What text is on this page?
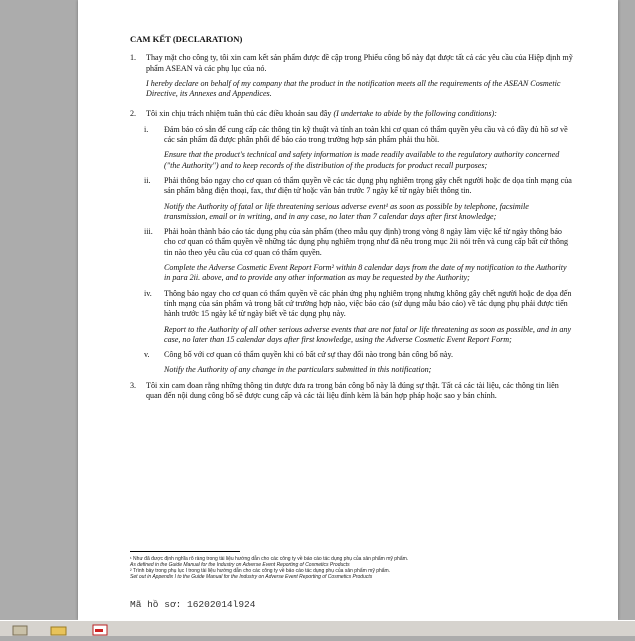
CAM KẾT (DECLARATION)
1.	Thay mặt cho công ty, tôi xin cam kết sản phẩm được đề cập trong Phiếu công bố này đạt được tất cả các yêu cầu của Hiệp định mỹ phẩm ASEAN và các phụ lục của nó.
I hereby declare on behalf of my company that the product in the notification meets all the requirements of the ASEAN Cosmetic Directive, its Annexes and Appendices.
2.	Tôi xin chịu trách nhiệm tuân thủ các điều khoản sau đây (I undertake to abide by the following conditions):
i.	Đảm bảo có sẵn để cung cấp các thông tin kỹ thuật và tính an toàn khi cơ quan có thẩm quyền yêu cầu và có đầy đủ hồ sơ về các sản phẩm đã được phân phối để báo cáo trong trường hợp sản phẩm phải thu hồi.
Ensure that the product's technical and safety information is made readily available to the regulatory authority concerned ("the Authority") and to keep records of the distribution of the products for product recall purposes;
ii.	Phải thông báo ngay cho cơ quan có thẩm quyền về các tác dụng phụ nghiêm trọng gây chết người hoặc đe dọa tính mạng của sản phẩm bằng điện thoại, fax, thư điện tử hoặc văn bản trước 7 ngày kể từ ngày biết thông tin.
Notify the Authority of fatal or life threatening serious adverse event¹ as soon as possible by telephone, facsimile transmission, email or in writing, and in any case, no later than 7 calendar days after first knowledge;
iii.	Phải hoàn thành báo cáo tác dụng phụ của sản phẩm (theo mẫu quy định) trong vòng 8 ngày làm việc kể từ ngày thông báo cho cơ quan có thẩm quyền về những tác dụng phụ nghiêm trọng như đã nêu trong mục 2ii nói trên và cung cấp bất cứ thông tin nào theo yêu cầu của cơ quan có thẩm quyền.
Complete the Adverse Cosmetic Event Report Form² within 8 calendar days from the date of my notification to the Authority in para 2ii. above, and to provide any other information as may be requested by the Authority;
iv.	Thông báo ngay cho cơ quan có thẩm quyền về các phản ứng phụ nghiêm trọng nhưng không gây chết người hoặc đe dọa đến tính mạng của sản phẩm và trong bất cứ trường hợp nào, việc báo cáo (sử dụng mẫu báo cáo) về tác dụng phụ phải được tiến hành trước 15 ngày kể từ ngày biết về tác dụng phụ này.
Report to the Authority of all other serious adverse events that are not fatal or life threatening as soon as possible, and in any case, no later than 15 calendar days after first knowledge, using the Adverse Cosmetic Event Report Form;
v.	Công bố với cơ quan có thẩm quyền khi có bất cứ sự thay đổi nào trong bản công bố này.
Notify the Authority of any change in the particulars submitted in this notification;
3.	Tôi xin cam đoan rằng những thông tin được đưa ra trong bản công bố này là đúng sự thật. Tất cả các tài liệu, các thông tin liên quan đến nội dung công bố sẽ được cung cấp và các tài liệu đính kèm là bản hợp pháp hoặc sao y bản chính.
¹ Như đã được định nghĩa rõ ràng trong tài liệu hướng dẫn cho các công ty về báo cáo tác dụng phụ của sản phẩm mỹ phẩm.
As defined in the Guide Manual for the Industry on Adverse Event Reporting of Cosmetics Products
² Trình bày trong phụ lục I trong tài liệu hướng dẫn cho các công ty về báo cáo tác dụng phụ của sản phẩm mỹ phẩm.
Set out in Appendix I to the Guide Manual for the Industry on Adverse Event Reporting of Cosmetics Products
Mã hồ sơ: 16202014l924
